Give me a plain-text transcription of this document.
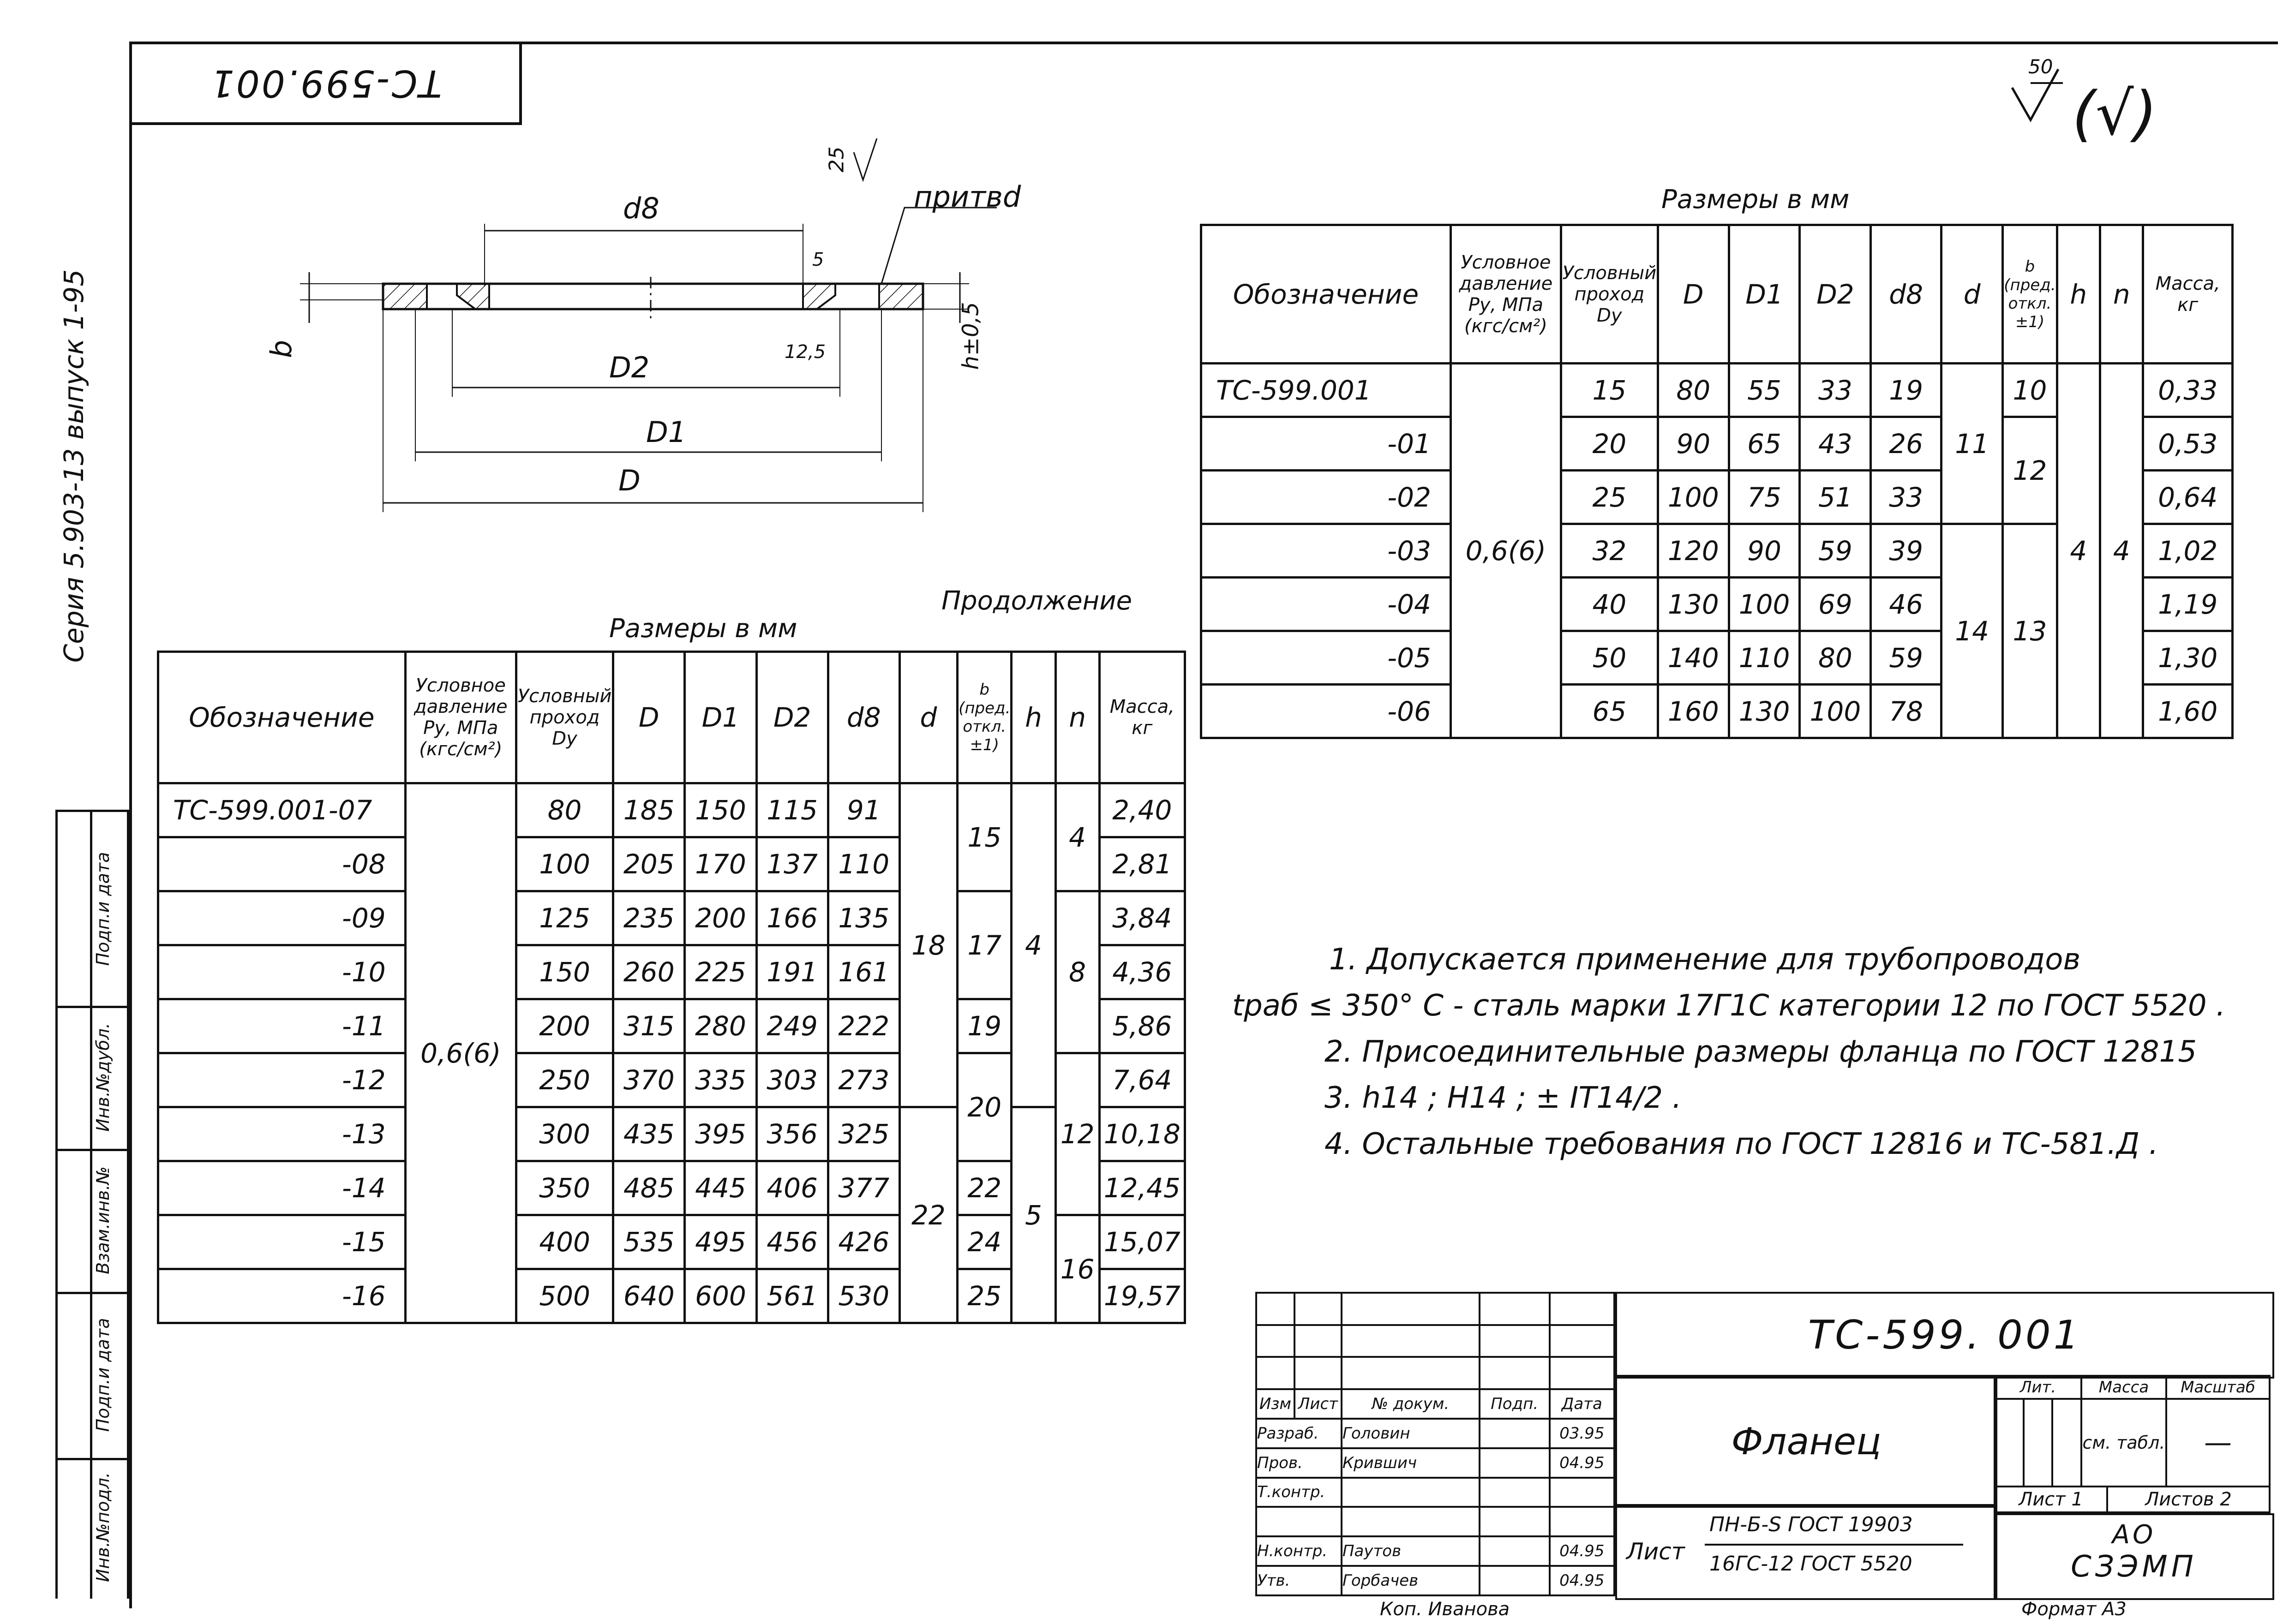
ТС-599.001
Серия 5.903-13 выпуск 1-95
Подп.и дата
Инв.№дубл.
Взам.инв.№
Подп.и дата
Инв.№подл.
50
(√)
d8
b
D2
D1
D
h±0,5
12,5
5
25
притвd	Размеры в мм
Обозначение	Условное давление Ру, МПа (кгс/см²)	Условный проход Dу	D	D1	D2	d8	d	b (пред. откл. ±1)	h	n	Масса, кг
ТС-599.001	0,6(6)	15	80	55	33	19	11	10	4	4	0,33
-01		20	90	65	43	26		12			0,53
-02		25	100	75	51	33					0,64
-03		32	120	90	59	39	14	13			1,02
-04		40	130	100	69	46					1,19
-05		50	140	110	80	59					1,30
-06		65	160	130	100	78					1,60
Размеры в мм
Продолжение
Обозначение	Условное давление Ру, МПа (кгс/см²)	Условный проход Dу	D	D1	D2	d8	d	b (пред. откл. ±1)	h	n	Масса, кг
ТС-599.001-07	0,6(6)	80	185	150	115	91	18	15	4	4	2,40
-08		100	205	170	137	110					2,81
-09		125	235	200	166	135		17		8	3,84
-10		150	260	225	191	161					4,36
-11		200	315	280	249	222		19			5,86
-12		250	370	335	303	273		20		12	7,64
-13		300	435	395	356	325	22		5		10,18
-14		350	485	445	406	377		22			12,45
-15		400	535	495	456	426		24		16	15,07
-16		500	640	600	561	530		25			19,57
1. Допускается применение для трубопроводов
tраб ≤ 350° С - сталь марки 17Г1С категории 12 по ГОСТ 5520 .
2. Присоединительные размеры фланца по ГОСТ 12815
3. h14 ; H14 ; ± IT14/2 .
4. Остальные требования по ГОСТ 12816 и ТС-581.Д .

Изм	Лист	№ докум.	Подп.	Дата
Разраб.		Головин		03.95
Пров.		Крившич		04.95
Т.контр.				

Н.контр.		Паутов		04.95
Утв.		Горбачев		04.95
ТС-599. 001
Фланец
Лист
ПН-Б-S ГОСТ 19903
16ГС-12 ГОСТ 5520
Лит.			Масса	Масштаб
			см. табл.	—
Лист 1	Листов 2
АО
СЗЭМП
Коп. Иванова	Формат А3
